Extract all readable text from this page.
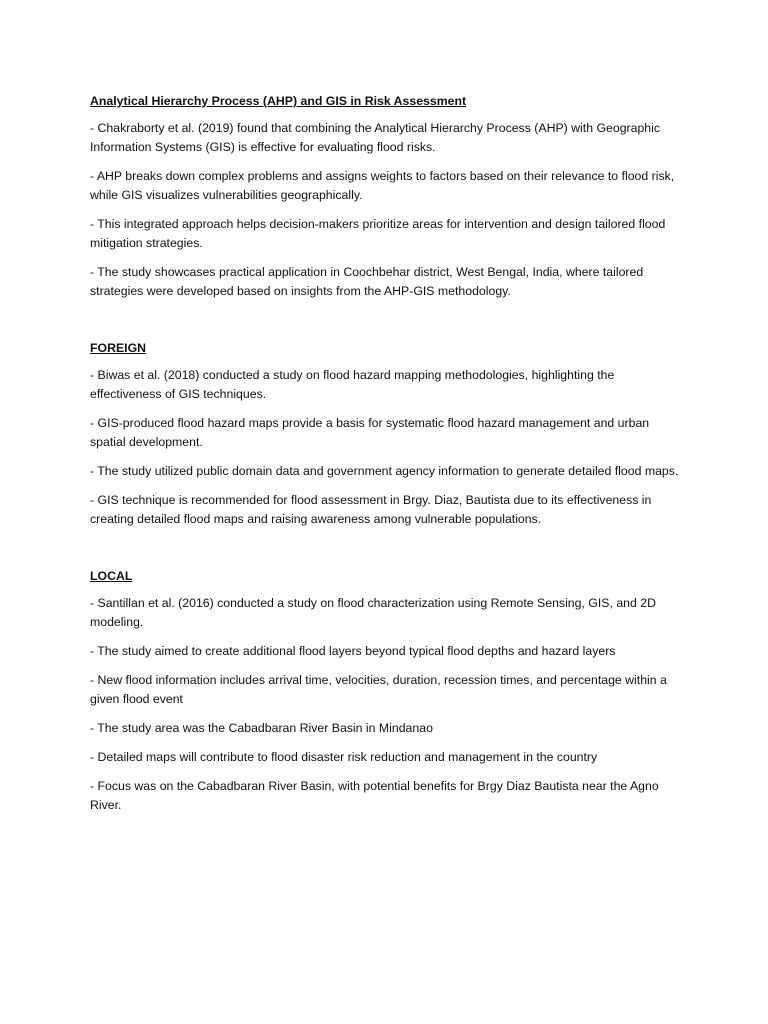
Analytical Hierarchy Process (AHP) and GIS in Risk Assessment

- Chakraborty et al. (2019) found that combining the Analytical Hierarchy Process (AHP) with Geographic Information Systems (GIS) is effective for evaluating flood risks.

- AHP breaks down complex problems and assigns weights to factors based on their relevance to flood risk, while GIS visualizes vulnerabilities geographically.

- This integrated approach helps decision-makers prioritize areas for intervention and design tailored flood mitigation strategies.

- The study showcases practical application in Coochbehar district, West Bengal, India, where tailored strategies were developed based on insights from the AHP-GIS methodology.

FOREIGN

- Biwas et al. (2018) conducted a study on flood hazard mapping methodologies, highlighting the effectiveness of GIS techniques.

- GIS-produced flood hazard maps provide a basis for systematic flood hazard management and urban spatial development.

- The study utilized public domain data and government agency information to generate detailed flood maps.

- GIS technique is recommended for flood assessment in Brgy. Diaz, Bautista due to its effectiveness in creating detailed flood maps and raising awareness among vulnerable populations.

LOCAL

- Santillan et al. (2016) conducted a study on flood characterization using Remote Sensing, GIS, and 2D modeling.

- The study aimed to create additional flood layers beyond typical flood depths and hazard layers

- New flood information includes arrival time, velocities, duration, recession times, and percentage within a given flood event

- The study area was the Cabadbaran River Basin in Mindanao

- Detailed maps will contribute to flood disaster risk reduction and management in the country

- Focus was on the Cabadbaran River Basin, with potential benefits for Brgy Diaz Bautista near the Agno River.
